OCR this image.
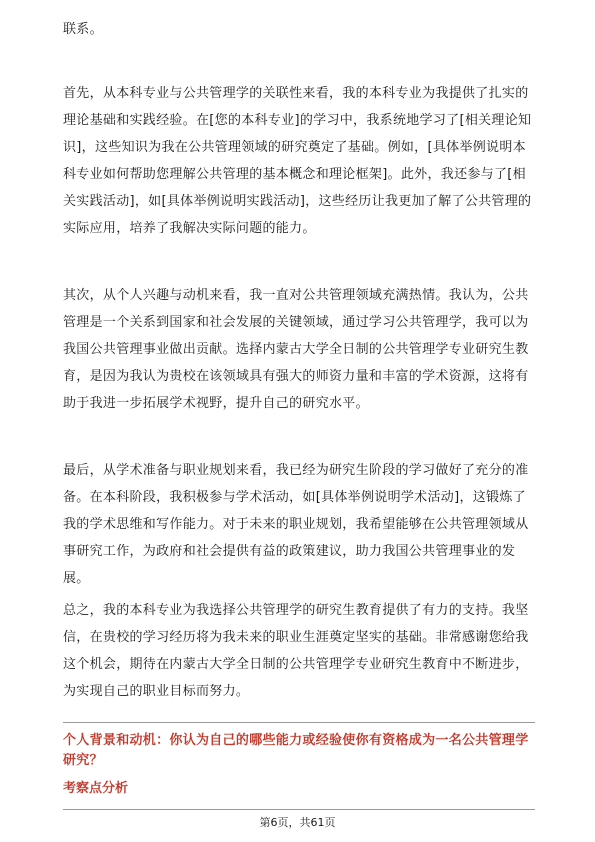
联系。

首先，从本科专业与公共管理学的关联性来看，我的本科专业为我提供了扎实的理论基础和实践经验。在[您的本科专业]的学习中，我系统地学习了[相关理论知识]，这些知识为我在公共管理领域的研究奠定了基础。例如，[具体举例说明本科专业如何帮助您理解公共管理的基本概念和理论框架]。此外，我还参与了[相关实践活动]，如[具体举例说明实践活动]，这些经历让我更加了解了公共管理的实际应用，培养了我解决实际问题的能力。

其次，从个人兴趣与动机来看，我一直对公共管理领域充满热情。我认为，公共管理是一个关系到国家和社会发展的关键领域，通过学习公共管理学，我可以为我国公共管理事业做出贡献。选择内蒙古大学全日制的公共管理学专业研究生教育，是因为我认为贵校在该领域具有强大的师资力量和丰富的学术资源，这将有助于我进一步拓展学术视野，提升自己的研究水平。

最后，从学术准备与职业规划来看，我已经为研究生阶段的学习做好了充分的准备。在本科阶段，我积极参与学术活动，如[具体举例说明学术活动]，这锻炼了我的学术思维和写作能力。对于未来的职业规划，我希望能够在公共管理领域从事研究工作，为政府和社会提供有益的政策建议，助力我国公共管理事业的发展。

总之，我的本科专业为我选择公共管理学的研究生教育提供了有力的支持。我坚信，在贵校的学习经历将为我未来的职业生涯奠定坚实的基础。非常感谢您给我这个机会，期待在内蒙古大学全日制的公共管理学专业研究生教育中不断进步，为实现自己的职业目标而努力。

个人背景和动机：你认为自己的哪些能力或经验使你有资格成为一名公共管理学研究？

考察点分析

第6页，共61页
